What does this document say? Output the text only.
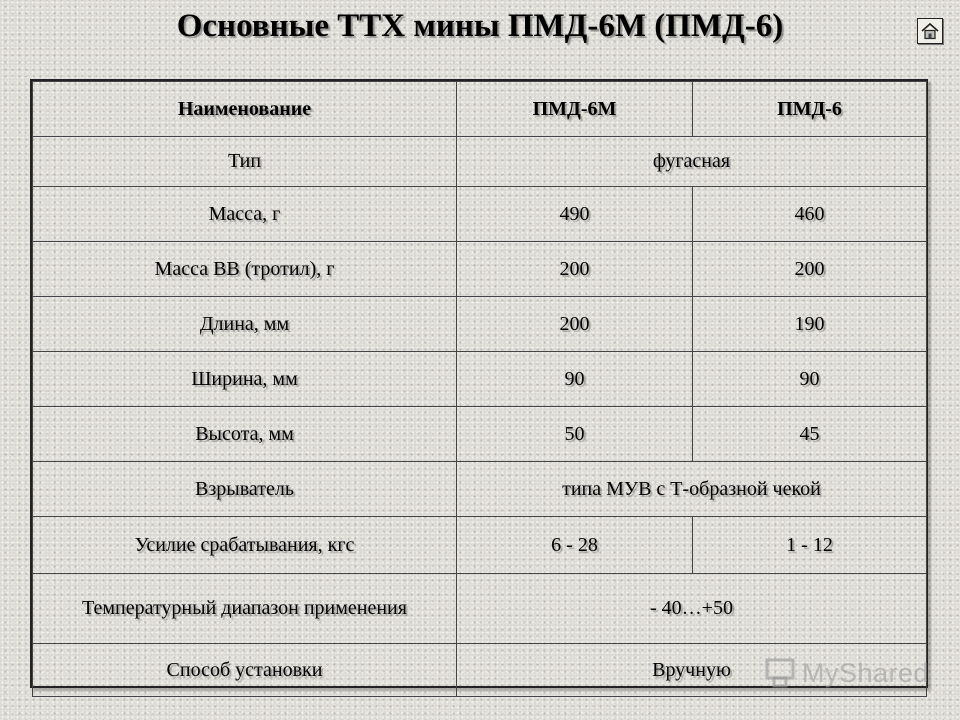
Основные ТТХ мины ПМД-6М (ПМД-6)
Наименование	ПМД-6М	ПМД-6
Тип	фугасная	
Масса, г	490	460
Масса ВВ (тротил), г	200	200
Длина, мм	200	190
Ширина, мм	90	90
Высота, мм	50	45
Взрыватель	типа МУВ с Т-образной чекой	
Усилие срабатывания, кгс	6 - 28	1 - 12
Температурный диапазон применения	- 40…+50	
Способ установки	Вручную		MyShared
